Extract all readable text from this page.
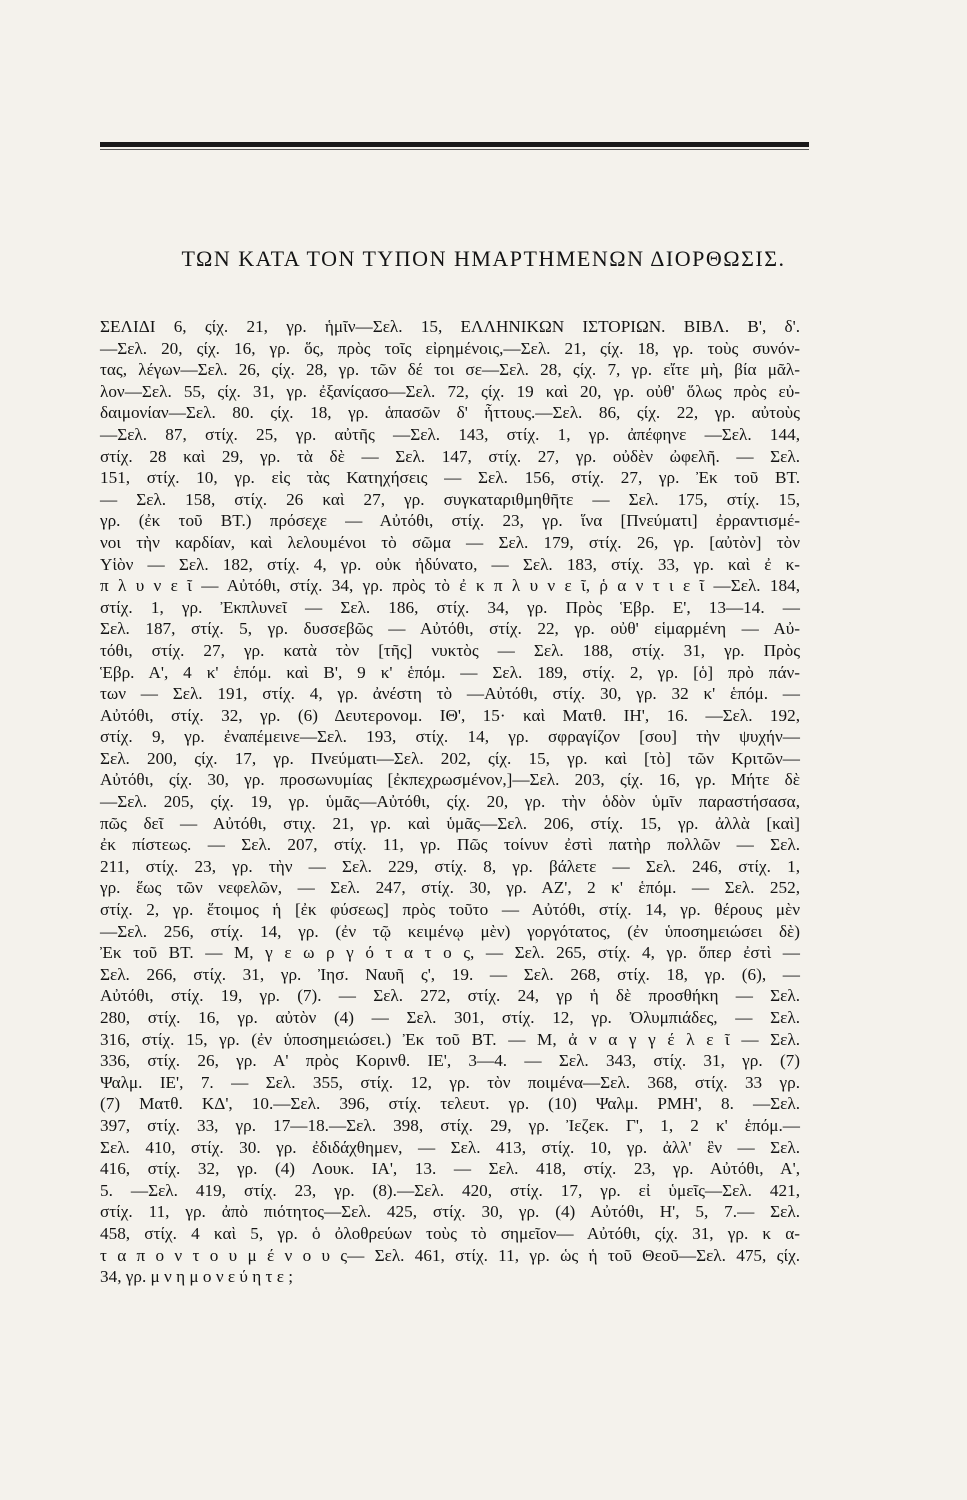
ΤΩΝ ΚΑΤΑ ΤΟΝ ΤΥΠΟΝ ΗΜΑΡΤΗΜΕΝΩΝ ΔΙΟΡΘΩΣΙΣ.
ΣΕΛΙΔΙ 6, ςίχ. 21, γρ. ἡμῖν—Σελ. 15, ΕΛΛΗΝΙΚΩΝ ΙΣΤΟΡΙΩΝ. ΒΙΒΛ. Β', δ'.
—Σελ. 20, ςίχ. 16, γρ. ὅς, πρὸς τοῖς εἰρημένοις,—Σελ. 21, ςίχ. 18, γρ. τοὺς συνόν-
τας, λέγων—Σελ. 26, ςίχ. 28, γρ. τῶν δέ τοι σε—Σελ. 28, ςίχ. 7, γρ. εἴτε μὴ, βία μᾶλ-
λον—Σελ. 55, ςίχ. 31, γρ. ἐξανίςασο—Σελ. 72, ςίχ. 19 καὶ 20, γρ. οὐθ' ὅλως πρὸς εὐ-
δαιμονίαν—Σελ. 80. ςίχ. 18, γρ. ἁπασῶν δ' ἧττους.—Σελ. 86, ςίχ. 22, γρ. αὐτοὺς
—Σελ. 87, στίχ. 25, γρ. αὐτῆς —Σελ. 143, στίχ. 1, γρ. ἀπέφηνε —Σελ. 144,
στίχ. 28 καὶ 29, γρ. τὰ δὲ — Σελ. 147, στίχ. 27, γρ. οὐδὲν ὠφελῆ. — Σελ.
151, στίχ. 10, γρ. εἰς τὰς Κατηχήσεις — Σελ. 156, στίχ. 27, γρ. Ἐκ τοῦ ΒΤ.
— Σελ. 158, στίχ. 26 καὶ 27, γρ. συγκαταριθμηθῆτε — Σελ. 175, στίχ. 15,
γρ. (ἐκ τοῦ ΒΤ.) πρόσεχε — Αὐτόθι, στίχ. 23, γρ. ἵνα [Πνεύματι] ἐρραντισμέ-
νοι τὴν καρδίαν, καὶ λελουμένοι τὸ σῶμα — Σελ. 179, στίχ. 26, γρ. [αὐτὸν] τὸν
Υἱὸν — Σελ. 182, στίχ. 4, γρ. οὐκ ἠδύνατο, — Σελ. 183, στίχ. 33, γρ. καὶ ἐ κ-
π λ υ ν ε ῖ — Αὐτόθι, στίχ. 34, γρ. πρὸς τὸ ἐ κ π λ υ ν ε ῖ, ῥ α ν τ ι ε ῖ —Σελ. 184,
στίχ. 1, γρ. Ἐκπλυνεῖ — Σελ. 186, στίχ. 34, γρ. Πρὸς Ἑβρ. Ε', 13—14. —
Σελ. 187, στίχ. 5, γρ. δυσσεβῶς — Αὐτόθι, στίχ. 22, γρ. οὐθ' εἱμαρμένη — Αὐ-
τόθι, στίχ. 27, γρ. κατὰ τὸν [τῆς] νυκτὸς — Σελ. 188, στίχ. 31, γρ. Πρὸς
Ἑβρ. Α', 4 κ' ἑπόμ. καὶ Β', 9 κ' ἑπόμ. — Σελ. 189, στίχ. 2, γρ. [ὁ] πρὸ πάν-
των — Σελ. 191, στίχ. 4, γρ. ἀνέστη τὸ —Αὐτόθι, στίχ. 30, γρ. 32 κ' ἑπόμ. —
Αὐτόθι, στίχ. 32, γρ. (6) Δευτερονομ. ΙΘ', 15· καὶ Ματθ. ΙΗ', 16. —Σελ. 192,
στίχ. 9, γρ. ἐναπέμεινε—Σελ. 193, στίχ. 14, γρ. σφραγίζον [σου] τὴν ψυχήν—
Σελ. 200, ςίχ. 17, γρ. Πνεύματι—Σελ. 202, ςίχ. 15, γρ. καὶ [τὸ] τῶν Κριτῶν—
Αὐτόθι, ςίχ. 30, γρ. προσωνυμίας [ἐκπεχρωσμένον,]—Σελ. 203, ςίχ. 16, γρ. Μήτε δὲ
—Σελ. 205, ςίχ. 19, γρ. ὑμᾶς—Αὐτόθι, ςίχ. 20, γρ. τὴν ὁδὸν ὑμῖν παραστήσασα,
πῶς δεῖ — Αὐτόθι, στιχ. 21, γρ. καὶ ὑμᾶς—Σελ. 206, στίχ. 15, γρ. ἀλλὰ [καὶ]
ἐκ πίστεως. — Σελ. 207, στίχ. 11, γρ. Πῶς τοίνυν ἐστὶ πατὴρ πολλῶν — Σελ.
211, στίχ. 23, γρ. τὴν — Σελ. 229, στίχ. 8, γρ. βάλετε — Σελ. 246, στίχ. 1,
γρ. ἕως τῶν νεφελῶν, — Σελ. 247, στίχ. 30, γρ. ΑΖ', 2 κ' ἑπόμ. — Σελ. 252,
στίχ. 2, γρ. ἕτοιμος ἡ [ἐκ φύσεως] πρὸς τοῦτο — Αὐτόθι, στίχ. 14, γρ. θέρους μὲν
—Σελ. 256, στίχ. 14, γρ. (ἐν τῷ κειμένῳ μὲν) γοργότατος, (ἐν ὑποσημειώσει δὲ)
Ἐκ τοῦ ΒΤ. — Μ, γ ε ω ρ γ ό τ α τ ο ς, — Σελ. 265, στίχ. 4, γρ. ὅπερ ἐστὶ —
Σελ. 266, στίχ. 31, γρ. Ἰησ. Ναυῆ ς', 19. — Σελ. 268, στίχ. 18, γρ. (6), —
Αὐτόθι, στίχ. 19, γρ. (7). — Σελ. 272, στίχ. 24, γρ ἡ δὲ προσθήκη — Σελ.
280, στίχ. 16, γρ. αὐτὸν (4) — Σελ. 301, στίχ. 12, γρ. Ὀλυμπιάδες, — Σελ.
316, στίχ. 15, γρ. (ἐν ὑποσημειώσει.) Ἐκ τοῦ ΒΤ. — Μ, ἀ ν α γ γ έ λ ε ῖ — Σελ.
336, στίχ. 26, γρ. Α' πρὸς Κορινθ. ΙΕ', 3—4. — Σελ. 343, στίχ. 31, γρ. (7)
Ψαλμ. ΙΕ', 7. — Σελ. 355, στίχ. 12, γρ. τὸν ποιμένα—Σελ. 368, στίχ. 33 γρ.
(7) Ματθ. ΚΔ', 10.—Σελ. 396, στίχ. τελευτ. γρ. (10) Ψαλμ. ΡΜΗ', 8. —Σελ.
397, στίχ. 33, γρ. 17—18.—Σελ. 398, στίχ. 29, γρ. Ἰεζεκ. Γ', 1, 2 κ' ἑπόμ.—
Σελ. 410, στίχ. 30. γρ. ἐδιδάχθημεν, — Σελ. 413, στίχ. 10, γρ. ἀλλ' ἓν — Σελ.
416, στίχ. 32, γρ. (4) Λουκ. ΙΑ', 13. — Σελ. 418, στίχ. 23, γρ. Αὐτόθι, Α',
5. —Σελ. 419, στίχ. 23, γρ. (8).—Σελ. 420, στίχ. 17, γρ. εἰ ὑμεῖς—Σελ. 421,
στίχ. 11, γρ. ἀπὸ πιότητος—Σελ. 425, στίχ. 30, γρ. (4) Αὐτόθι, Η', 5, 7.— Σελ.
458, στίχ. 4 καὶ 5, γρ. ὁ ὀλοθρεύων τοὺς τὸ σημεῖον— Αὐτόθι, ςίχ. 31, γρ. κ α-
τ α π ο ν τ ο υ μ έ ν ο υ ς— Σελ. 461, στίχ. 11, γρ. ὡς ἡ τοῦ Θεοῦ—Σελ. 475, ςίχ.
34, γρ. μ ν η μ ο ν ε ύ η τ ε ;
